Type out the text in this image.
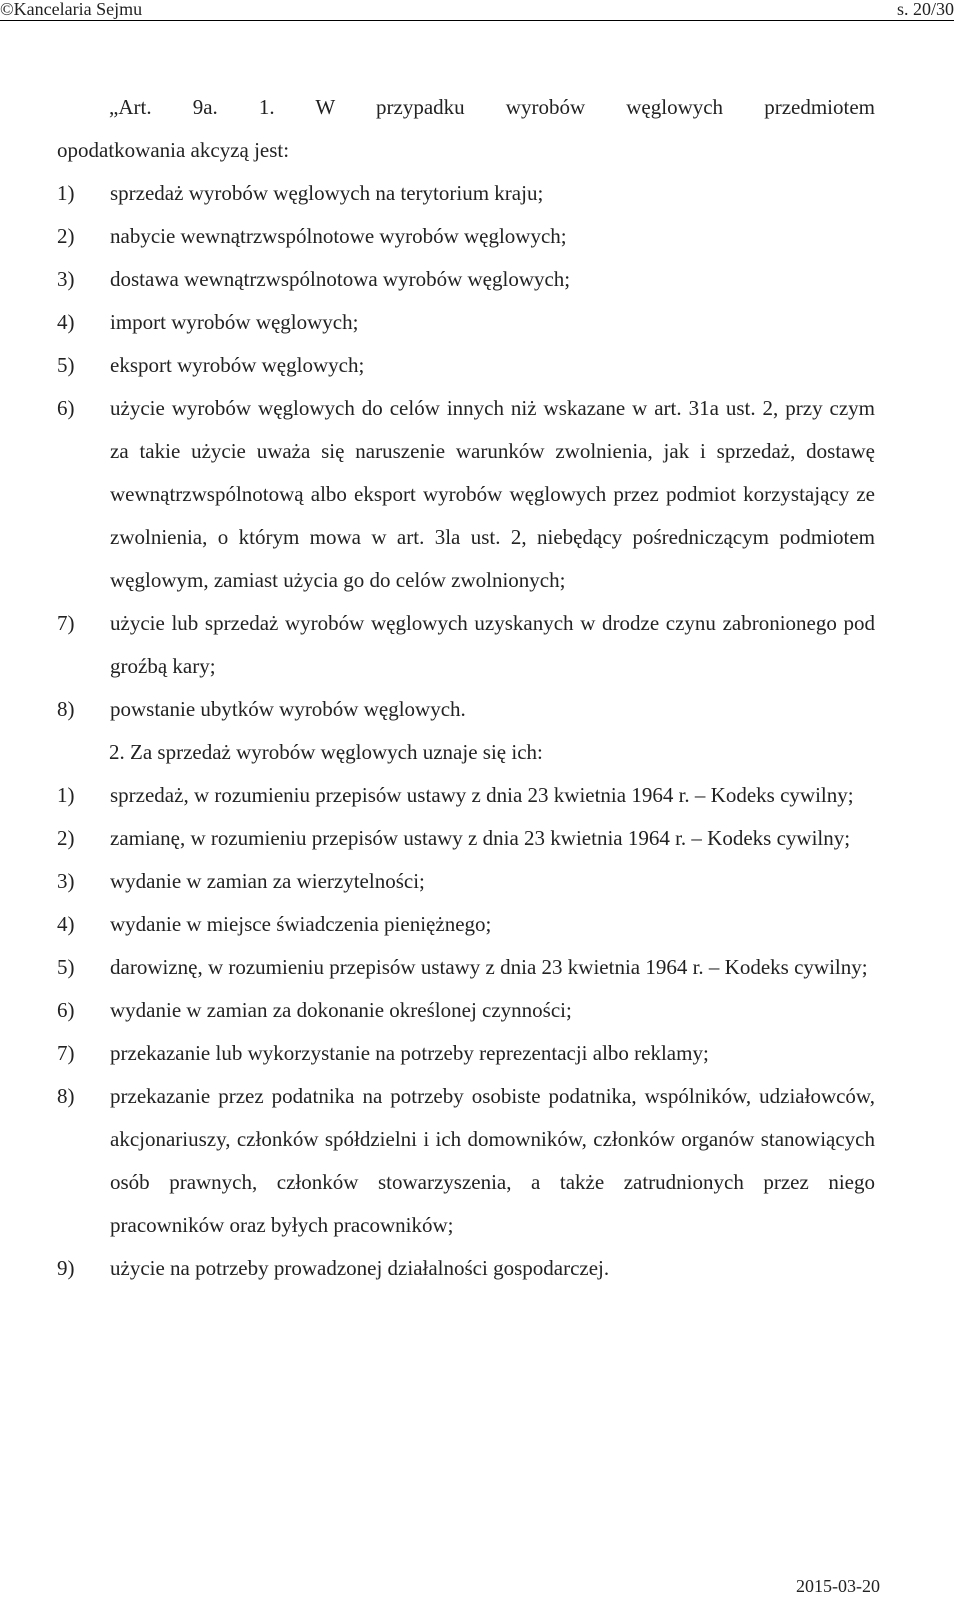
©Kancelaria Sejmu	s. 20/30

„Art. 9a. 1. W przypadku wyrobów węglowych przedmiotem

opodatkowania akcyzą jest:

1) sprzedaż wyrobów węglowych na terytorium kraju;
2) nabycie wewnątrzwspólnotowe wyrobów węglowych;
3) dostawa wewnątrzwspólnotowa wyrobów węglowych;
4) import wyrobów węglowych;
5) eksport wyrobów węglowych;
6) użycie wyrobów węglowych do celów innych niż wskazane w art. 31a ust. 2, przy czym za takie użycie uważa się naruszenie warunków zwolnienia, jak i sprzedaż, dostawę wewnątrzwspólnotową albo eksport wyrobów węglowych przez podmiot korzystający ze zwolnienia, o którym mowa w art. 3la ust. 2, niebędący pośredniczącym podmiotem węglowym, zamiast użycia go do celów zwolnionych;
7) użycie lub sprzedaż wyrobów węglowych uzyskanych w drodze czynu zabronionego pod groźbą kary;
8) powstanie ubytków wyrobów węglowych.

2. Za sprzedaż wyrobów węglowych uznaje się ich:

1) sprzedaż, w rozumieniu przepisów ustawy z dnia 23 kwietnia 1964 r. – Kodeks cywilny;
2) zamianę, w rozumieniu przepisów ustawy z dnia 23 kwietnia 1964 r. – Kodeks cywilny;
3) wydanie w zamian za wierzytelności;
4) wydanie w miejsce świadczenia pieniężnego;
5) darowiznę, w rozumieniu przepisów ustawy z dnia 23 kwietnia 1964 r. – Kodeks cywilny;
6) wydanie w zamian za dokonanie określonej czynności;
7) przekazanie lub wykorzystanie na potrzeby reprezentacji albo reklamy;
8) przekazanie przez podatnika na potrzeby osobiste podatnika, wspólników, udziałowców, akcjonariuszy, członków spółdzielni i ich domowników, członków organów stanowiących osób prawnych, członków stowarzyszenia, a także zatrudnionych przez niego pracowników oraz byłych pracowników;
9) użycie na potrzeby prowadzonej działalności gospodarczej.
2015-03-20
